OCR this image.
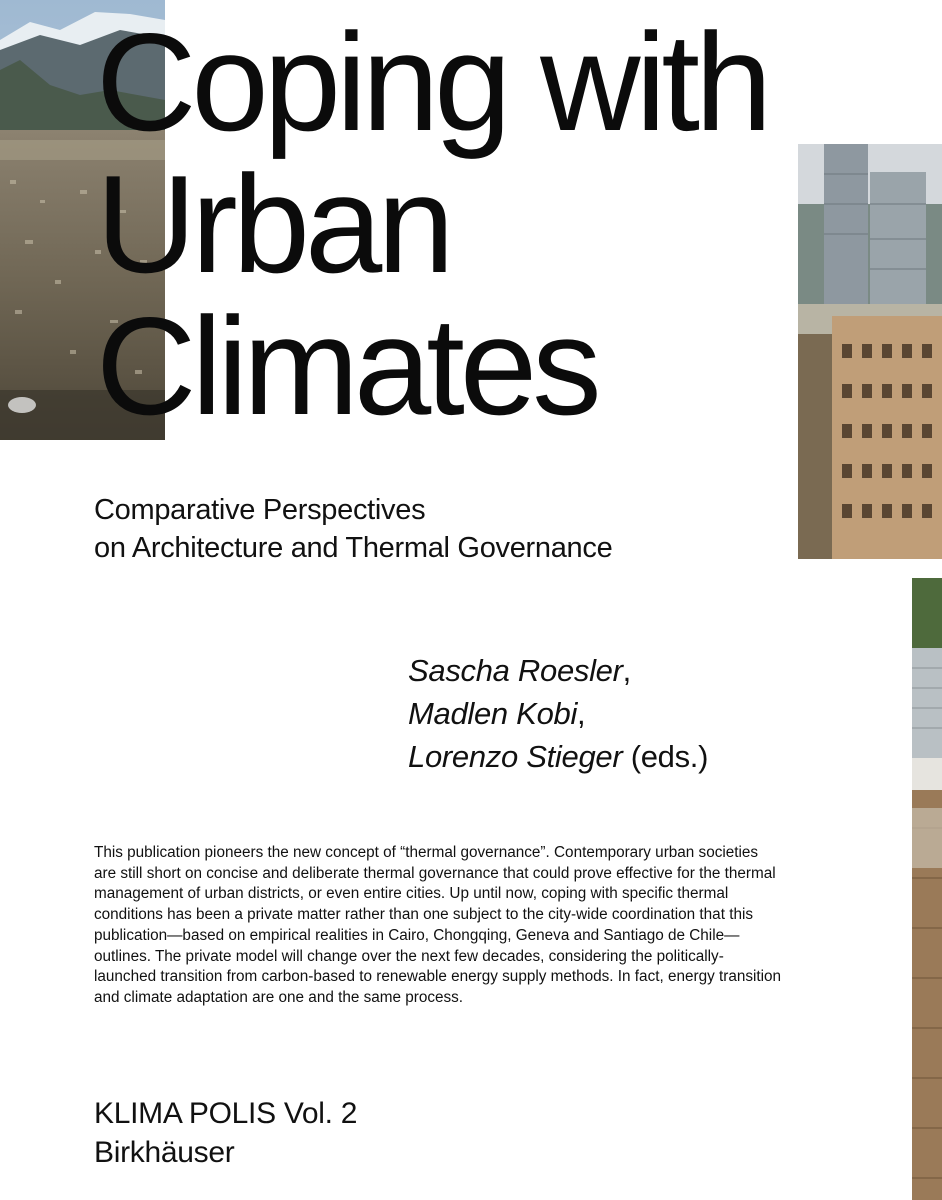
Coping with
Urban
Climates
Comparative Perspectives
on Architecture and Thermal Governance
Sascha Roesler,
Madlen Kobi,
Lorenzo Stieger (eds.)

This publication pioneers the new concept of “thermal governance”. Contemporary urban societies are still short on concise and deliberate thermal governance that could prove effective for the thermal management of urban districts, or even entire cities. Up until now, coping with specific thermal conditions has been a private matter rather than one subject to the city-wide coordination that this publication—based on empirical realities in Cairo, Chongqing, Geneva and Santiago de Chile—outlines. The private model will change over the next few decades, considering the politically-launched transition from carbon-based to renewable energy supply methods. In fact, energy transition and climate adaptation are one and the same process.

KLIMA POLIS Vol. 2
Birkhäuser
